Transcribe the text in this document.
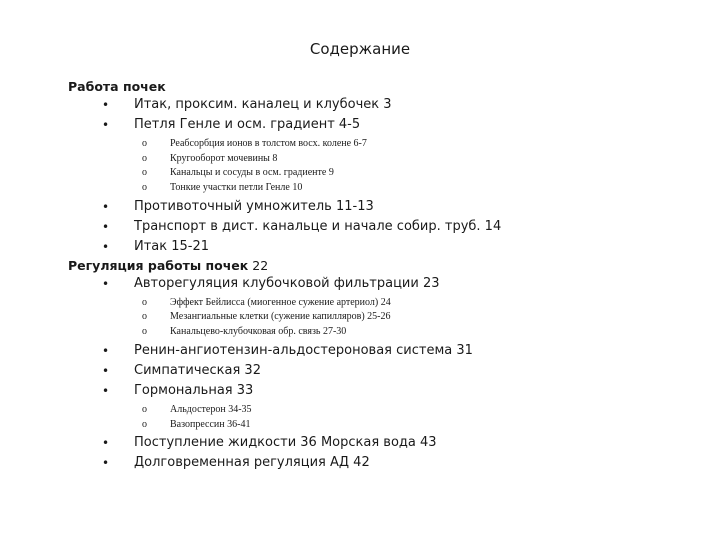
Содержание
Работа почек
• Итак, проксим. каналец и клубочек 3
• Петля Генле и осм. градиент 4-5
o Реабсорбция ионов в толстом восх. колене 6-7
o Кругооборот мочевины 8
o Канальцы и сосуды в осм. градиенте 9
o Тонкие участки петли Генле 10
• Противоточный умножитель 11-13
• Транспорт в дист. канальце и начале собир. труб. 14
• Итак 15-21
Регуляция работы почек 22
• Авторегуляция клубочковой фильтрации 23
o Эффект Бейлисса (миогенное сужение артериол) 24
o Мезангиальные клетки (сужение капилляров) 25-26
o Канальцево-клубочковая обр. связь 27-30
• Ренин-ангиотензин-альдостероновая система 31
• Симпатическая 32
• Гормональная 33
o Альдостерон 34-35
o Вазопрессин 36-41
• Поступление жидкости 36 Морская вода 43
• Долговременная регуляция АД 42
